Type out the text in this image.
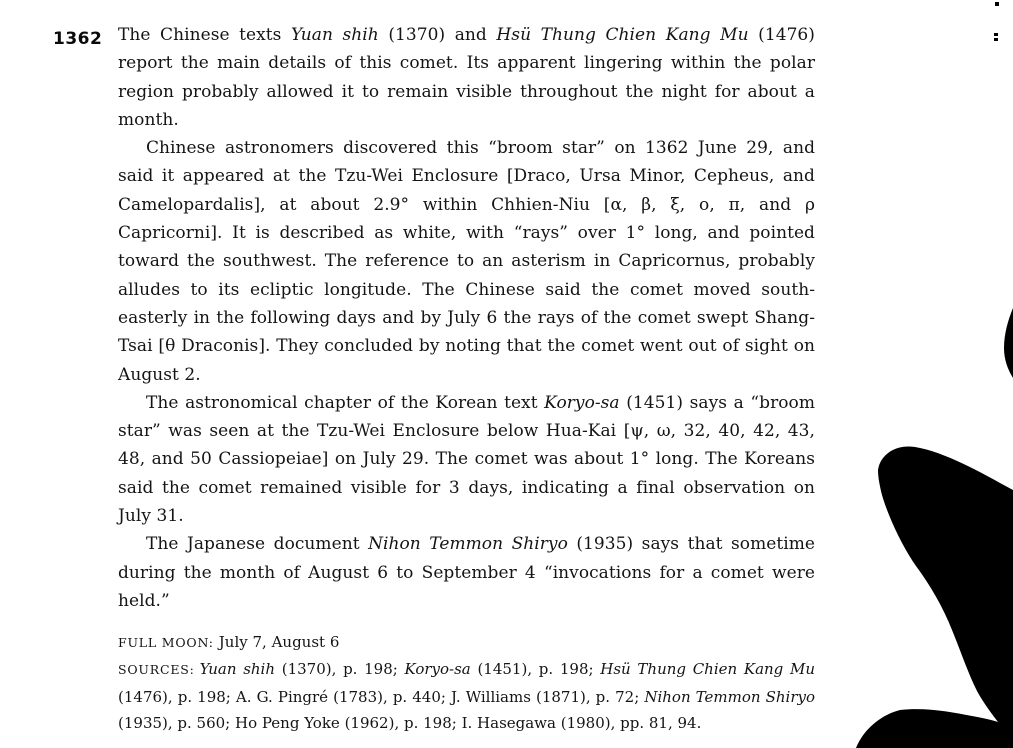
1362 The Chinese texts Yuan shih (1370) and Hsü Thung Chien Kang Mu (1476) report the main details of this comet. Its apparent lingering within the polar region probably allowed it to remain visible throughout the night for about a month.

Chinese astronomers discovered this “broom star” on 1362 June 29, and said it appeared at the Tzu-Wei Enclosure [Draco, Ursa Minor, Cepheus, and Camelopardalis], at about 2.9° within Chhien-Niu [α, β, ξ, ο, π, and ρ Capricorni]. It is described as white, with “rays” over 1° long, and pointed toward the southwest. The reference to an asterism in Capricornus, probably alludes to its ecliptic longitude. The Chinese said the comet moved south-easterly in the following days and by July 6 the rays of the comet swept Shang-Tsai [θ Draconis]. They concluded by noting that the comet went out of sight on August 2.

The astronomical chapter of the Korean text Koryo-sa (1451) says a “broom star” was seen at the Tzu-Wei Enclosure below Hua-Kai [ψ, ω, 32, 40, 42, 43, 48, and 50 Cassiopeiae] on July 29. The comet was about 1° long. The Koreans said the comet remained visible for 3 days, indicating a final observation on July 31.

The Japanese document Nihon Temmon Shiryo (1935) says that sometime during the month of August 6 to September 4 “invocations for a comet were held.”

FULL MOON: July 7, August 6

SOURCES: Yuan shih (1370), p. 198; Koryo-sa (1451), p. 198; Hsü Thung Chien Kang Mu (1476), p. 198; A. G. Pingré (1783), p. 440; J. Williams (1871), p. 72; Nihon Temmon Shiryo (1935), p. 560; Ho Peng Yoke (1962), p. 198; I. Hasegawa (1980), pp. 81, 94.
